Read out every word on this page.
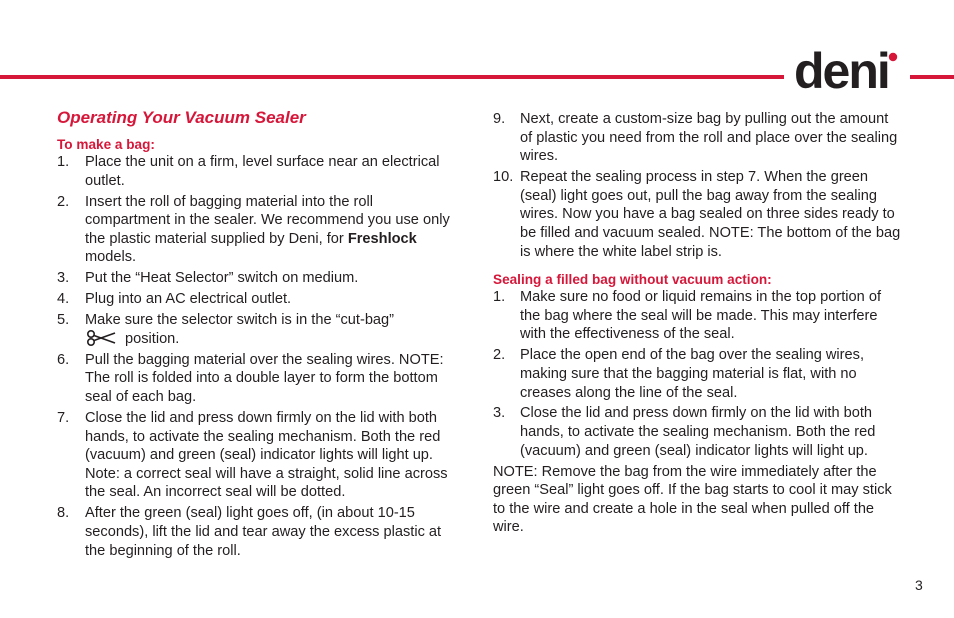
deni
Operating Your Vacuum Sealer
To make a bag:
1. Place the unit on a firm, level surface near an electrical outlet.
2. Insert the roll of bagging material into the roll compartment in the sealer. We recommend you use only the plastic material supplied by Deni, for Freshlock models.
3. Put the “Heat Selector” switch on medium.
4. Plug into an AC electrical outlet.
5. Make sure the selector switch is in the “cut-bag”
position.
6. Pull the bagging material over the sealing wires. NOTE: The roll is folded into a double layer to form the bottom seal of each bag.
7. Close the lid and press down firmly on the lid with both hands, to activate the sealing mechanism. Both the red (vacuum) and green (seal) indicator lights will light up. Note: a correct seal will have a straight, solid line across the seal. An incorrect seal will be dotted.
8. After the green (seal) light goes off, (in about 10-15 seconds), lift the lid and tear away the excess plastic at the beginning of the roll.
9. Next, create a custom-size bag by pulling out the amount of plastic you need from the roll and place over the sealing wires.
10. Repeat the sealing process in step 7. When the green (seal) light goes out, pull the bag away from the sealing wires. Now you have a bag sealed on three sides ready to be filled and vacuum sealed. NOTE: The bottom of the bag is where the white label strip is.
Sealing a filled bag without vacuum action:
1. Make sure no food or liquid remains in the top portion of the bag where the seal will be made. This may interfere with the effectiveness of the seal.
2. Place the open end of the bag over the sealing wires, making sure that the bagging material is flat, with no creases along the line of the seal.
3. Close the lid and press down firmly on the lid with both hands, to activate the sealing mechanism. Both the red (vacuum) and green (seal) indicator lights will light up.
NOTE: Remove the bag from the wire immediately after the green “Seal” light goes off. If the bag starts to cool it may stick to the wire and create a hole in the seal when pulled off the wire.
3
